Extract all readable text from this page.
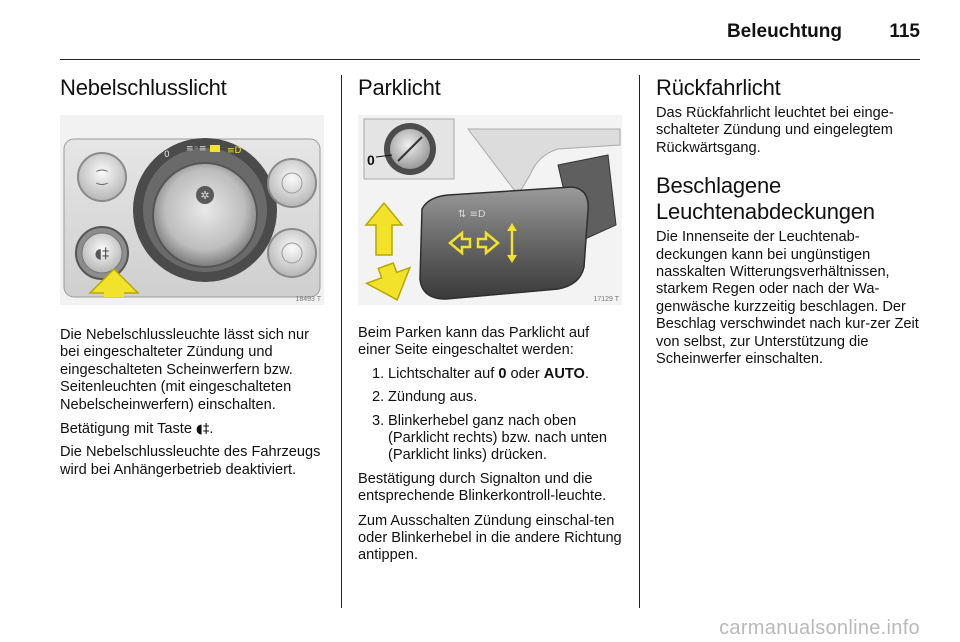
Beleuchtung 115
Nebelschlusslicht
⁐
◖‡
✲
0
≡◦≡ ≡D
18493 T

Die Nebelschlussleuchte lässt sich nur bei eingeschalteter Zündung und eingeschalteten Scheinwerfern bzw. Seitenleuchten (mit eingeschalteten Nebelscheinwerfern) einschalten.

Betätigung mit Taste ◖‡.

Die Nebelschlussleuchte des Fahrzeugs wird bei Anhängerbetrieb deaktiviert.

Parklicht
0
⇅ ≡D
17129 T

Beim Parken kann das Parklicht auf einer Seite eingeschaltet werden:

1. Lichtschalter auf 0 oder AUTO.
2. Zündung aus.
3. Blinkerhebel ganz nach oben (Parklicht rechts) bzw. nach unten (Parklicht links) drücken.

Bestätigung durch Signalton und die entsprechende Blinkerkontroll-leuchte.

Zum Ausschalten Zündung einschal-ten oder Blinkerhebel in die andere Richtung antippen.

Rückfahrlicht

Das Rückfahrlicht leuchtet bei einge-schalteter Zündung und eingelegtem Rückwärtsgang.

Beschlagene
Leuchtenabdeckungen

Die Innenseite der Leuchtenab-deckungen kann bei ungünstigen nasskalten Witterungsverhältnissen, starkem Regen oder nach der Wa-genwäsche kurzzeitig beschlagen. Der Beschlag verschwindet nach kur-zer Zeit von selbst, zur Unterstützung die Scheinwerfer einschalten.

carmanualsonline.info
